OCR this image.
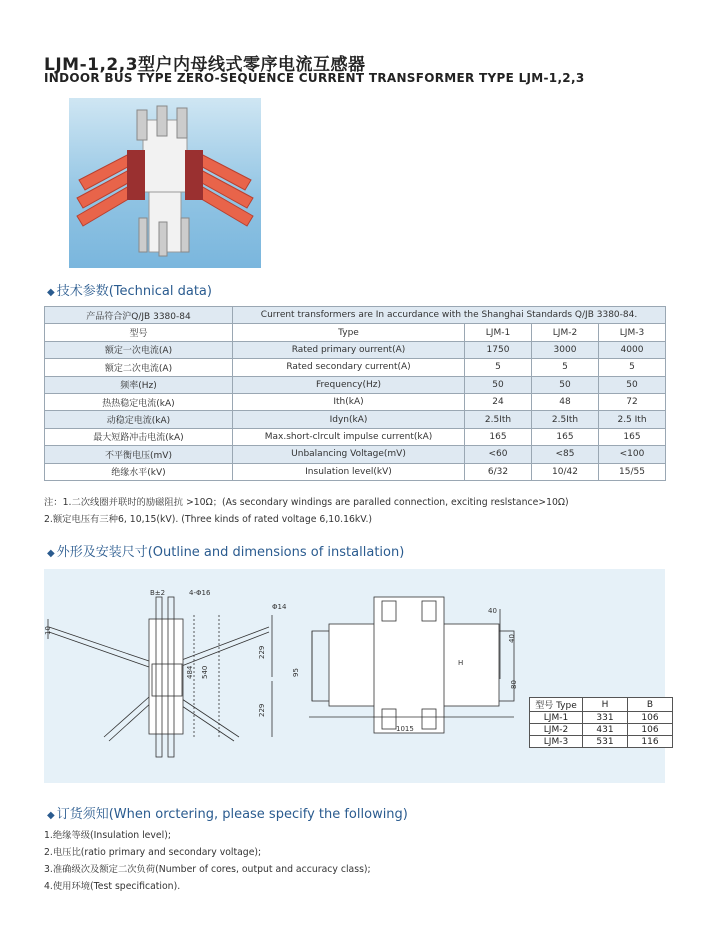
LJM-1,2,3型户内母线式零序电流互感器
INDOOR BUS TYPE ZERO-SEQUENCE CURRENT TRANSFORMER TYPE LJM-1,2,3
◆ 技术参数(Technical data)
产品符合沪Q/JB 3380-84	Current transformers are In accurdance with the Shanghai Standards Q/JB 3380-84.			
型号	Type	LJM-1	LJM-2	LJM-3
额定一次电流(A)	Rated primary ourrent(A)	1750	3000	4000
额定二次电流(A)	Rated secondary current(A)	5	5	5
频率(Hz)	Frequency(Hz)	50	50	50
热热稳定电流(kA)	Ith(kA)	24	48	72
动稳定电流(kA)	Idyn(kA)	2.5Ith	2.5Ith	2.5 Ith
最大短路冲击电流(kA)	Max.short-clrcult impulse current(kA)	165	165	165
不平衡电压(mV)	Unbalancing Voltage(mV)	<60	<85	<100
绝缘水平(kV)	Insulation level(kV)	6/32	10/42	15/55
注：1.二次线圈并联时的励磁阻抗 >10Ω；(As secondary windings are paralled connection, exciting reslstance>10Ω)
2.额定电压有三种6, 10,15(kV). (Three kinds of rated voltage 6,10.16kV.)
◆ 外形及安装尺寸(Outline and dimensions of installation)
B±2	4-Φ16
10
484 540
229
229
Φ14
95
H
40
40
80
1015
型号 Type	H	B
LJM-1	331	106
LJM-2	431	106
LJM-3	531	116
◆ 订货须知(When orctering, please specify the following)
1.绝缘等级(Insulation level);
2.电压比(ratio primary and secondary voltage);
3.准确级次及额定二次负荷(Number of cores, output and accuracy class);
4.使用环境(Test specification).
